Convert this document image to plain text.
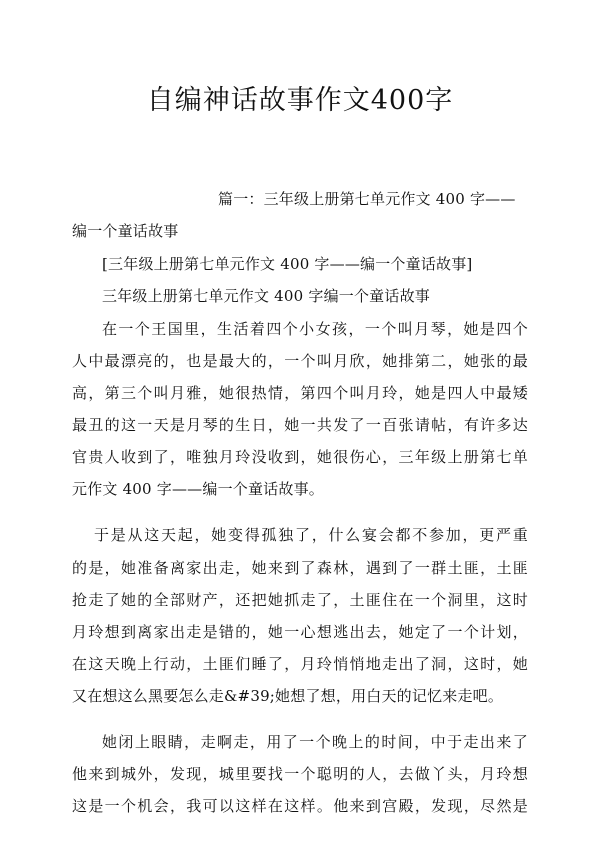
自编神话故事作文400字
篇一：三年级上册第七单元作文 400 字——
编一个童话故事
[三年级上册第七单元作文 400 字——编一个童话故事]
三年级上册第七单元作文 400 字编一个童话故事
在一个王国里，生活着四个小女孩，一个叫月琴，她是四个
人中最漂亮的，也是最大的，一个叫月欣，她排第二，她张的最
高，第三个叫月雅，她很热情，第四个叫月玲，她是四人中最矮
最丑的这一天是月琴的生日，她一共发了一百张请帖，有许多达
官贵人收到了，唯独月玲没收到，她很伤心，三年级上册第七单
元作文 400 字——编一个童话故事。
于是从这天起，她变得孤独了，什么宴会都不参加，更严重
的是，她准备离家出走，她来到了森林，遇到了一群土匪，土匪
抢走了她的全部财产，还把她抓走了，土匪住在一个洞里，这时
月玲想到离家出走是错的，她一心想逃出去，她定了一个计划，
在这天晚上行动，土匪们睡了，月玲悄悄地走出了洞，这时，她
又在想这么黑要怎么走&#39;她想了想，用白天的记忆来走吧。
她闭上眼睛，走啊走，用了一个晚上的时间，中于走出来了
他来到城外，发现，城里要找一个聪明的人，去做丫头，月玲想
这是一个机会，我可以这样在这样。他来到宫殿，发现，尽然是
